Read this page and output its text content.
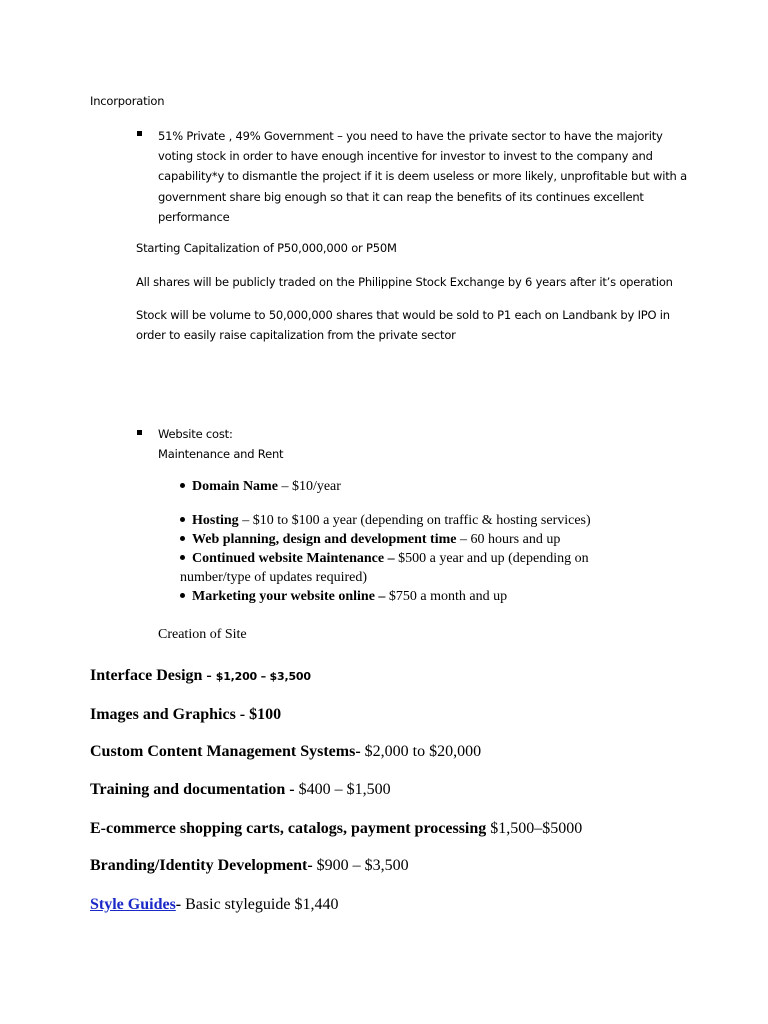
Incorporation
51% Private , 49% Government – you need to have the private sector to have the majority voting stock in order to have enough incentive for investor to invest to the company and capability*y to dismantle the project if it is deem useless or more likely, unprofitable but with a government share big enough so that it can reap the benefits of its continues excellent performance
Starting Capitalization of P50,000,000 or P50M
All shares will be publicly traded on the Philippine Stock Exchange by 6 years after it’s operation
Stock will be volume to 50,000,000 shares that would be sold to P1 each on Landbank by IPO in order to easily raise capitalization from the private sector
Website cost:
Maintenance and Rent
Domain Name – $10/year
Hosting – $10 to $100 a year (depending on traffic & hosting services)
Web planning, design and development time – 60 hours and up
Continued website Maintenance – $500 a year and up (depending on number/type of updates required)
Marketing your website online – $750 a month and up
Creation of Site
Interface Design - $1,200 – $3,500
Images and Graphics - $100
Custom Content Management Systems- $2,000 to $20,000
Training and documentation - $400 – $1,500
E-commerce shopping carts, catalogs, payment processing $1,500–$5000
Branding/Identity Development- $900 – $3,500
Style Guides- Basic styleguide $1,440
